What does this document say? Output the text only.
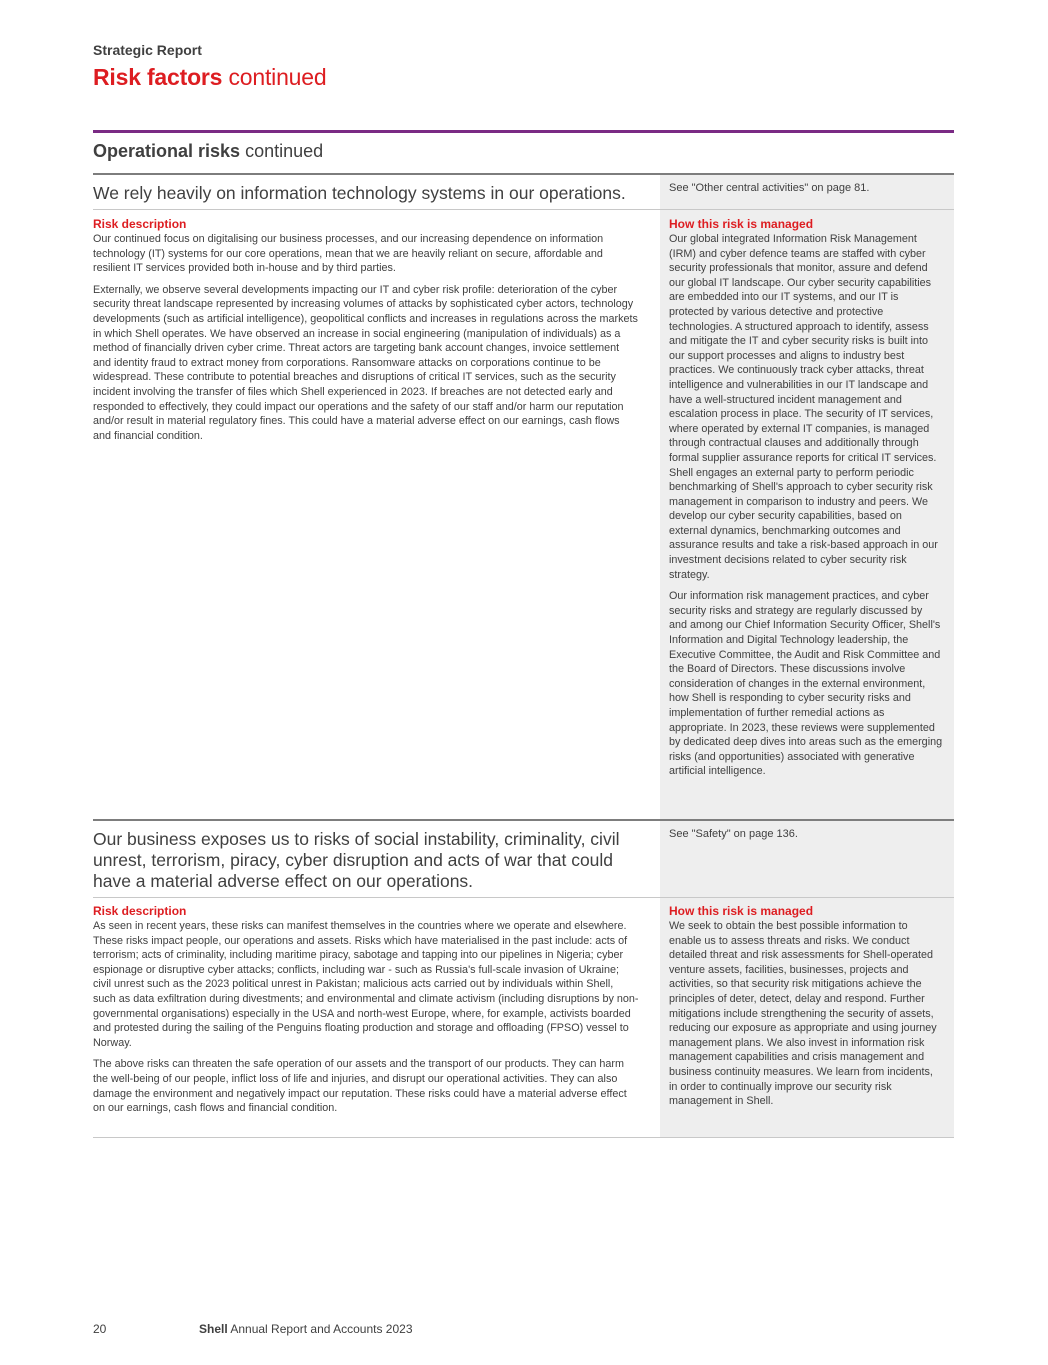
Strategic Report
Risk factors continued
Operational risks continued
We rely heavily on information technology systems in our operations.	See "Other central activities" on page 81.
Risk description

Our continued focus on digitalising our business processes, and our increasing dependence on information technology (IT) systems for our core operations, mean that we are heavily reliant on secure, affordable and resilient IT services provided both in-house and by third parties.

Externally, we observe several developments impacting our IT and cyber risk profile: deterioration of the cyber security threat landscape represented by increasing volumes of attacks by sophisticated cyber actors, technology developments (such as artificial intelligence), geopolitical conflicts and increases in regulations across the markets in which Shell operates. We have observed an increase in social engineering (manipulation of individuals) as a method of financially driven cyber crime. Threat actors are targeting bank account changes, invoice settlement and identity fraud to extract money from corporations. Ransomware attacks on corporations continue to be widespread. These contribute to potential breaches and disruptions of critical IT services, such as the security incident involving the transfer of files which Shell experienced in 2023. If breaches are not detected early and responded to effectively, they could impact our operations and the safety of our staff and/or harm our reputation and/or result in material regulatory fines. This could have a material adverse effect on our earnings, cash flows and financial condition.

How this risk is managed

Our global integrated Information Risk Management (IRM) and cyber defence teams are staffed with cyber security professionals that monitor, assure and defend our global IT landscape. Our cyber security capabilities are embedded into our IT systems, and our IT is protected by various detective and protective technologies. A structured approach to identify, assess and mitigate the IT and cyber security risks is built into our support processes and aligns to industry best practices. We continuously track cyber attacks, threat intelligence and vulnerabilities in our IT landscape and have a well-structured incident management and escalation process in place. The security of IT services, where operated by external IT companies, is managed through contractual clauses and additionally through formal supplier assurance reports for critical IT services. Shell engages an external party to perform periodic benchmarking of Shell's approach to cyber security risk management in comparison to industry and peers. We develop our cyber security capabilities, based on external dynamics, benchmarking outcomes and assurance results and take a risk-based approach in our investment decisions related to cyber security risk strategy.

Our information risk management practices, and cyber security risks and strategy are regularly discussed by and among our Chief Information Security Officer, Shell's Information and Digital Technology leadership, the Executive Committee, the Audit and Risk Committee and the Board of Directors. These discussions involve consideration of changes in the external environment, how Shell is responding to cyber security risks and implementation of further remedial actions as appropriate. In 2023, these reviews were supplemented by dedicated deep dives into areas such as the emerging risks (and opportunities) associated with generative artificial intelligence.

Our business exposes us to risks of social instability, criminality, civil unrest, terrorism, piracy, cyber disruption and acts of war that could have a material adverse effect on our operations.
See "Safety" on page 136.
Risk description

As seen in recent years, these risks can manifest themselves in the countries where we operate and elsewhere. These risks impact people, our operations and assets. Risks which have materialised in the past include: acts of terrorism; acts of criminality, including maritime piracy, sabotage and tapping into our pipelines in Nigeria; cyber espionage or disruptive cyber attacks; conflicts, including war - such as Russia's full-scale invasion of Ukraine; civil unrest such as the 2023 political unrest in Pakistan; malicious acts carried out by individuals within Shell, such as data exfiltration during divestments; and environmental and climate activism (including disruptions by non-governmental organisations) especially in the USA and north-west Europe, where, for example, activists boarded and protested during the sailing of the Penguins floating production and storage and offloading (FPSO) vessel to Norway.

The above risks can threaten the safe operation of our assets and the transport of our products. They can harm the well-being of our people, inflict loss of life and injuries, and disrupt our operational activities. They can also damage the environment and negatively impact our reputation. These risks could have a material adverse effect on our earnings, cash flows and financial condition.

How this risk is managed

We seek to obtain the best possible information to enable us to assess threats and risks. We conduct detailed threat and risk assessments for Shell-operated venture assets, facilities, businesses, projects and activities, so that security risk mitigations achieve the principles of deter, detect, delay and respond. Further mitigations include strengthening the security of assets, reducing our exposure as appropriate and using journey management plans. We also invest in information risk management capabilities and crisis management and business continuity measures. We learn from incidents, in order to continually improve our security risk management in Shell.

20	Shell Annual Report and Accounts 2023
